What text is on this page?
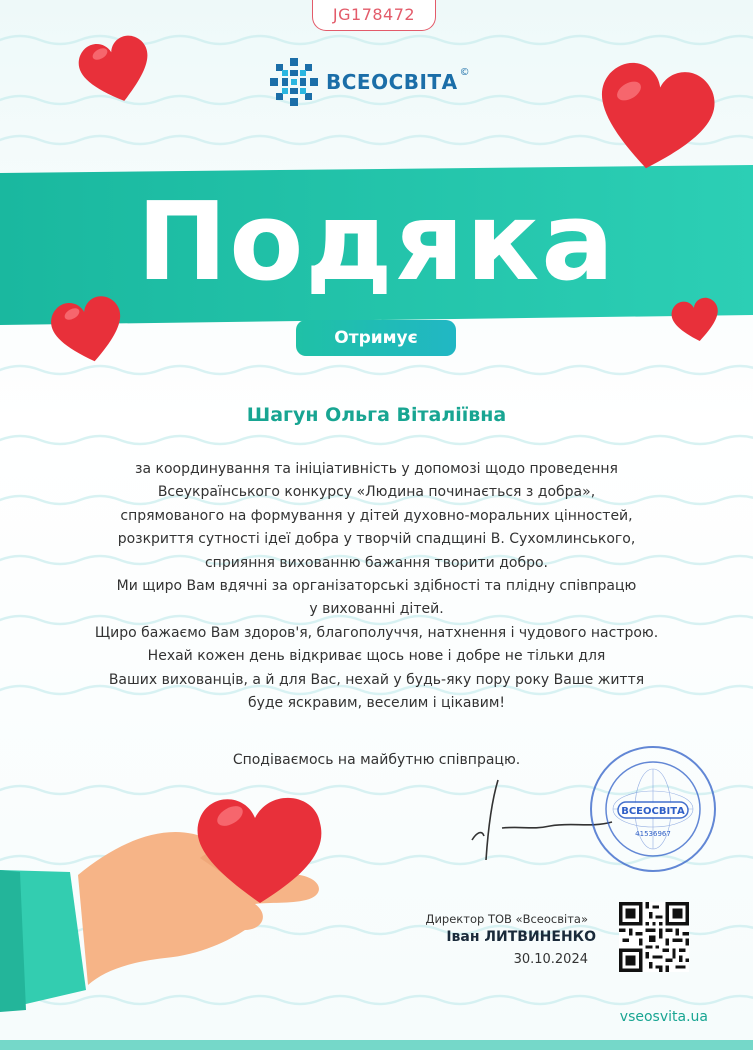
JG178472
ВСЕОСВІТА ©
Подяка
Отримує
Шагун Ольга Віталіївна
за координування та ініціативність у допомозі щодо проведення
Всеукраїнського конкурсу «Людина починається з добра»,
спрямованого на формування у дітей духовно-моральних цінностей,
розкриття сутності ідеї добра у творчій спадщині В. Сухомлинського,
сприяння вихованню бажання творити добро.
Ми щиро Вам вдячні за організаторські здібності та плідну співпрацю
у вихованні дітей.
Щиро бажаємо Вам здоров'я, благополуччя, натхнення і чудового настрою.
Нехай кожен день відкриває щось нове і добре не тільки для
Ваших вихованців, а й для Вас, нехай у будь-яку пору року Ваше життя
буде яскравим, веселим і цікавим!
Сподіваємось на майбутню співпрацю.
ВСЕОСВІТА
41536967
Директор ТОВ «Всеосвіта»
Іван ЛИТВИНЕНКО
30.10.2024
vseosvita.ua
